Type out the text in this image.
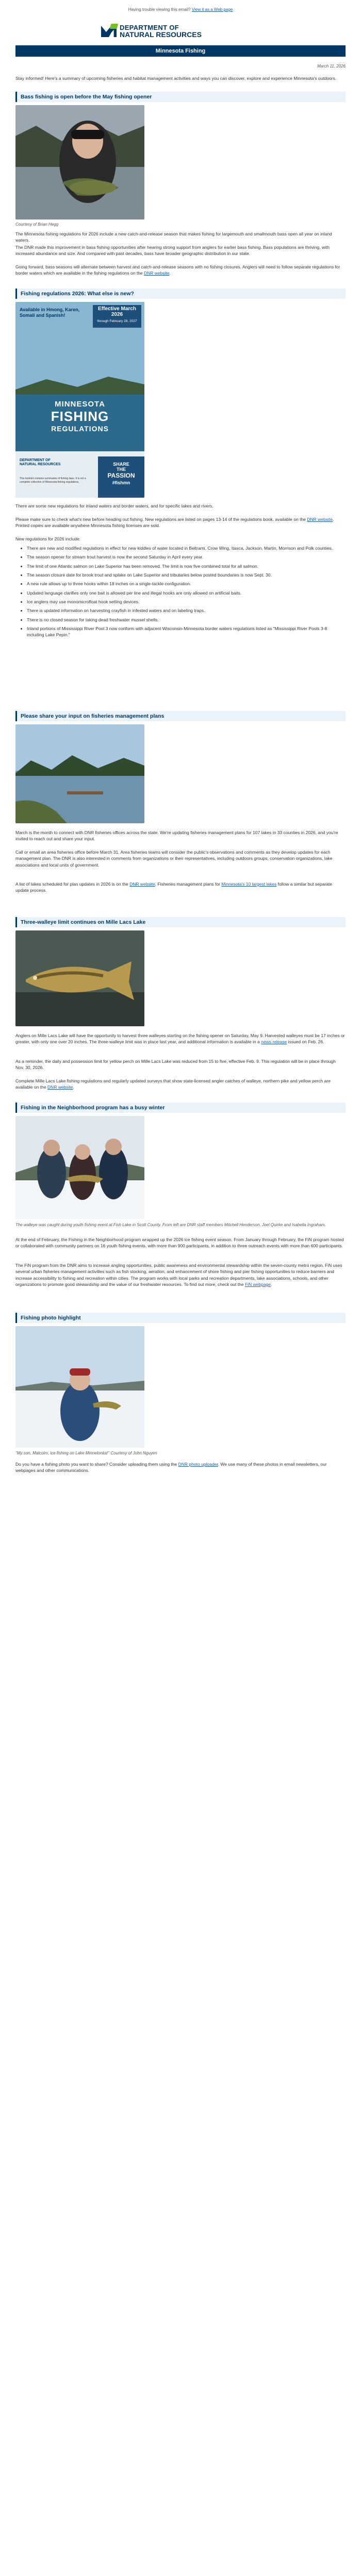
Having trouble viewing this email? View it as a Web page
DEPARTMENT OF
NATURAL RESOURCES
Minnesota Fishing
March 11, 2026
Stay informed! Here's a summary of upcoming fisheries and habitat management activities and ways you can discover, explore and experience Minnesota's outdoors.
Bass fishing is open before the May fishing opener
Courtesy of Brian Hegg
The Minnesota fishing regulations for 2026 include a new catch-and-release season that makes fishing for largemouth and smallmouth bass open all year on inland waters.
The DNR made this improvement in bass fishing opportunities after hearing strong support from anglers for earlier bass fishing. Bass populations are thriving, with increased abundance and size. And compared with past decades, bass have broader geographic distribution in our state.
Going forward, bass seasons will alternate between harvest and catch-and-release seasons with no fishing closures. Anglers will need to follow separate regulations for border waters which are available in the fishing regulations on the DNR website.
Fishing regulations 2026: What else is new?
Available in Hmong, Karen, Somali and Spanish!
Effective March 2026
through February 28, 2027
MINNESOTA
FISHING
REGULATIONS
DEPARTMENT OF
NATURAL RESOURCES
This booklet contains summaries of fishing laws. It is not a complete collection of Minnesota fishing regulations.
SHARE
THE
PASSION
#fishmn
There are some new regulations for inland waters and border waters, and for specific lakes and rivers.
Please make sure to check what's new before heading out fishing. New regulations are listed on pages 13-14 of the regulations book, available on the DNR website. Printed copies are available anywhere Minnesota fishing licenses are sold.
New regulations for 2026 include:
• There are new and modified regulations in effect for new kiddles of water located in Beltrami, Crow Wing, Itasca, Jackson, Martin, Morrison and Polk counties.
• The season opener for stream trout harvest is now the second Saturday in April every year.
• The limit of one Atlantic salmon on Lake Superior has been removed. The limit is now five combined total for all salmon.
• The season closure date for brook trout and splake on Lake Superior and tributaries below posted boundaries is now Sept. 30.
• A new rule allows up to three hooks within 18 inches on a single-tackle configuration.
• Updated language clarifies only one bait is allowed per line and illegal hooks are only allowed on artificial baits.
• Ice anglers may use monomicrofloat hook setting devices.
• There is updated information on harvesting crayfish in infested waters and on labeling traps.
• There is no closed season for taking dead freshwater mussel shells.
• Inland portions of Mississippi River Pool 3 now conform with adjacent Wisconsin-Minnesota border waters regulations listed as "Mississippi River Pools 3-8 including Lake Pepin."
Please share your input on fisheries management plans
March is the month to connect with DNR fisheries offices across the state. We're updating fisheries management plans for 107 lakes in 33 counties in 2026, and you're invited to reach out and share your input.
Call or email an area fisheries office before March 31. Area fisheries teams will consider the public's observations and comments as they develop updates for each management plan. The DNR is also interested in comments from organizations or their representatives, including outdoors groups, conservation organizations, lake associations and local units of government.
A list of lakes scheduled for plan updates in 2026 is on the DNR website. Fisheries management plans for Minnesota's 10 largest lakes follow a similar but separate update process.
Three-walleye limit continues on Mille Lacs Lake
Anglers on Mille Lacs Lake will have the opportunity to harvest three walleyes starting on the fishing opener on Saturday, May 9. Harvested walleyes must be 17 inches or greater, with only one over 20 inches. The three-walleye limit was in place last year, and additional information is available in a news release issued on Feb. 26.
As a reminder, the daily and possession limit for yellow perch on Mille Lacs Lake was reduced from 15 to five, effective Feb. 9. This regulation will be in place through Nov. 30, 2026.
Complete Mille Lacs Lake fishing regulations and regularly updated surveys that show state-licensed angler catches of walleye, northern pike and yellow perch are available on the DNR website.
Fishing in the Neighborhood program has a busy winter
The walleye was caught during youth fishing event at Fish Lake in Scott County. From left are DNR staff members Mitchell Henderson, Joel Quirke and Isabella Ingraham.
At the end of February, the Fishing in the Neighborhood program wrapped up the 2026 ice fishing event season. From January through February, the FiN program hosted or collaborated with community partners on 16 youth fishing events, with more than 900 participants, in addition to three outreach events with more than 600 participants.
The FiN program from the DNR aims to increase angling opportunities, public awareness and environmental stewardship within the seven-county metro region. FiN uses several urban fisheries management activities such as fish stocking, aeration, and enhancement of shore fishing and pier fishing opportunities to reduce barriers and increase accessibility to fishing and recreation within cities. The program works with local parks and recreation departments, lake associations, schools, and other organizations to promote good stewardship and the value of our freshwater resources. To find out more, check out the FiN webpage.
Fishing photo highlight
"My son, Malcolm, ice fishing on Lake Minnetonka!" Courtesy of John Nguyen
Do you have a fishing photo you want to share? Consider uploading them using the DNR photo uploader. We use many of these photos in email newsletters, our webpages and other communications.
